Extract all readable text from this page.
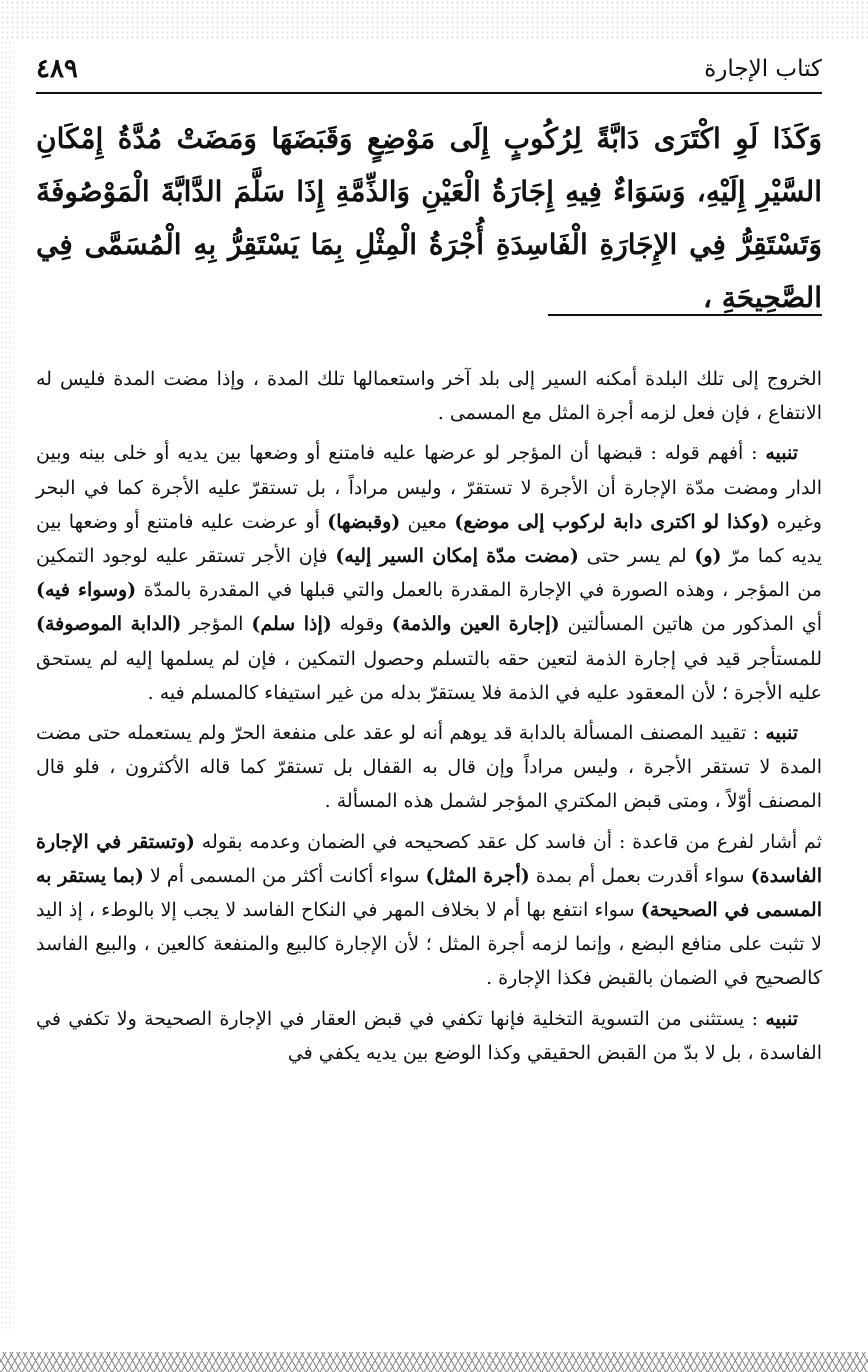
٤٨٩	كتاب الإجارة
وَكَذَا لَوِ اكْتَرَى دَابَّةً لِرُكُوبٍ إِلَى مَوْضِعٍ وَقَبَضَهَا وَمَضَتْ مُدَّةُ إِمْكَانِ السَّيْرِ إِلَيْهِ، وَسَوَاءٌ فِيهِ إِجَارَةُ الْعَيْنِ وَالذِّمَّةِ إِذَا سَلَّمَ الدَّابَّةَ الْمَوْصُوفَةَ وَتَسْتَقِرُّ فِي الإِجَارَةِ الْفَاسِدَةِ أُجْرَةُ الْمِثْلِ بِمَا يَسْتَقِرُّ بِهِ الْمُسَمَّى فِي الصَّحِيحَةِ ،

الخروج إلى تلك البلدة أمكنه السير إلى بلد آخر واستعمالها تلك المدة ، وإذا مضت المدة فليس له الانتفاع ، فإن فعل لزمه أجرة المثل مع المسمى .

تنبيه : أفهم قوله : قبضها أن المؤجر لو عرضها عليه فامتنع أو وضعها بين يديه أو خلى بينه وبين الدار ومضت مدّة الإجارة أن الأجرة لا تستقرّ ، وليس مراداً ، بل تستقرّ عليه الأجرة كما في البحر وغيره (وكذا لو اكترى دابة لركوب إلى موضع) معين (وقبضها) أو عرضت عليه فامتنع أو وضعها بين يديه كما مرّ (و) لم يسر حتى (مضت مدّة إمكان السير إليه) فإن الأجر تستقر عليه لوجود التمكين من المؤجر ، وهذه الصورة في الإجارة المقدرة بالعمل والتي قبلها في المقدرة بالمدّة (وسواء فيه) أي المذكور من هاتين المسألتين (إجارة العين والذمة) وقوله (إذا سلم) المؤجر (الدابة الموصوفة) للمستأجر قيد في إجارة الذمة لتعين حقه بالتسلم وحصول التمكين ، فإن لم يسلمها إليه لم يستحق عليه الأجرة ؛ لأن المعقود عليه في الذمة فلا يستقرّ بدله من غير استيفاء كالمسلم فيه .

تنبيه : تقييد المصنف المسألة بالدابة قد يوهم أنه لو عقد على منفعة الحرّ ولم يستعمله حتى مضت المدة لا تستقر الأجرة ، وليس مراداً وإن قال به القفال بل تستقرّ كما قاله الأكثرون ، فلو قال المصنف أوّلاً ، ومتى قبض المكتري المؤجر لشمل هذه المسألة .

ثم أشار لفرع من قاعدة : أن فاسد كل عقد كصحيحه في الضمان وعدمه بقوله (وتستقر في الإجارة الفاسدة) سواء أقدرت بعمل أم بمدة (أجرة المثل) سواء أكانت أكثر من المسمى أم لا (بما يستقر به المسمى في الصحيحة) سواء انتفع بها أم لا بخلاف المهر في النكاح الفاسد لا يجب إلا بالوطء ، إذ اليد لا تثبت على منافع البضع ، وإنما لزمه أجرة المثل ؛ لأن الإجارة كالبيع والمنفعة كالعين ، والبيع الفاسد كالصحيح في الضمان بالقبض فكذا الإجارة .

تنبيه : يستثنى من التسوية التخلية فإنها تكفي في قبض العقار في الإجارة الصحيحة ولا تكفي في الفاسدة ، بل لا بدّ من القبض الحقيقي وكذا الوضع بين يديه يكفي في
